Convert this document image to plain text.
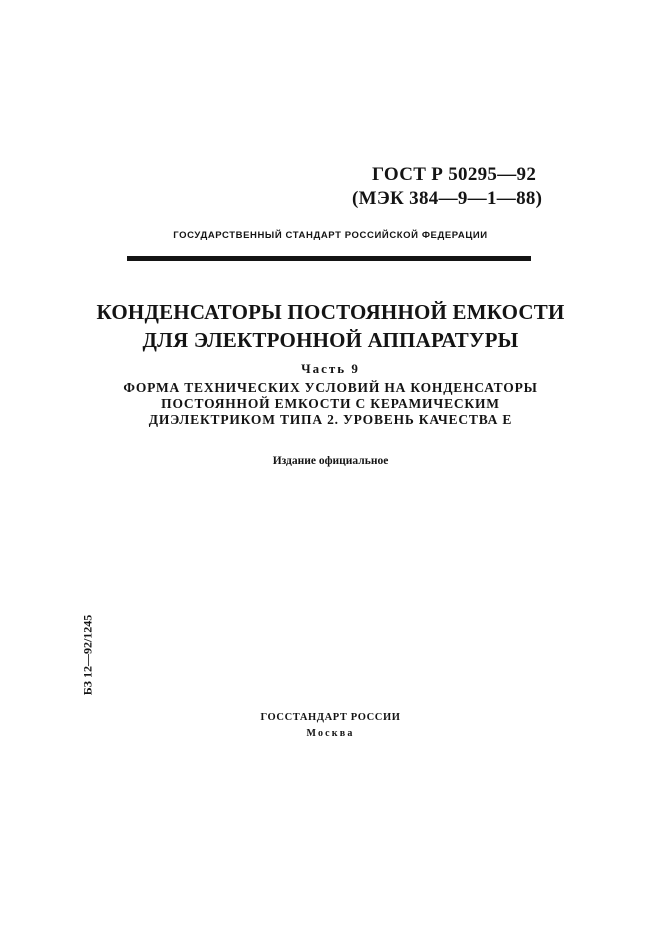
ГОСТ Р 50295—92
(МЭК 384—9—1—88)
ГОСУДАРСТВЕННЫЙ СТАНДАРТ РОССИЙСКОЙ ФЕДЕРАЦИИ
КОНДЕНСАТОРЫ ПОСТОЯННОЙ ЕМКОСТИ
ДЛЯ ЭЛЕКТРОННОЙ АППАРАТУРЫ
Часть 9
ФОРМА ТЕХНИЧЕСКИХ УСЛОВИЙ НА КОНДЕНСАТОРЫ
ПОСТОЯННОЙ ЕМКОСТИ С КЕРАМИЧЕСКИМ
ДИЭЛЕКТРИКОМ ТИПА 2. УРОВЕНЬ КАЧЕСТВА Е
Издание официальное
БЗ 12—92/1245
ГОССТАНДАРТ РОССИИ
Москва
